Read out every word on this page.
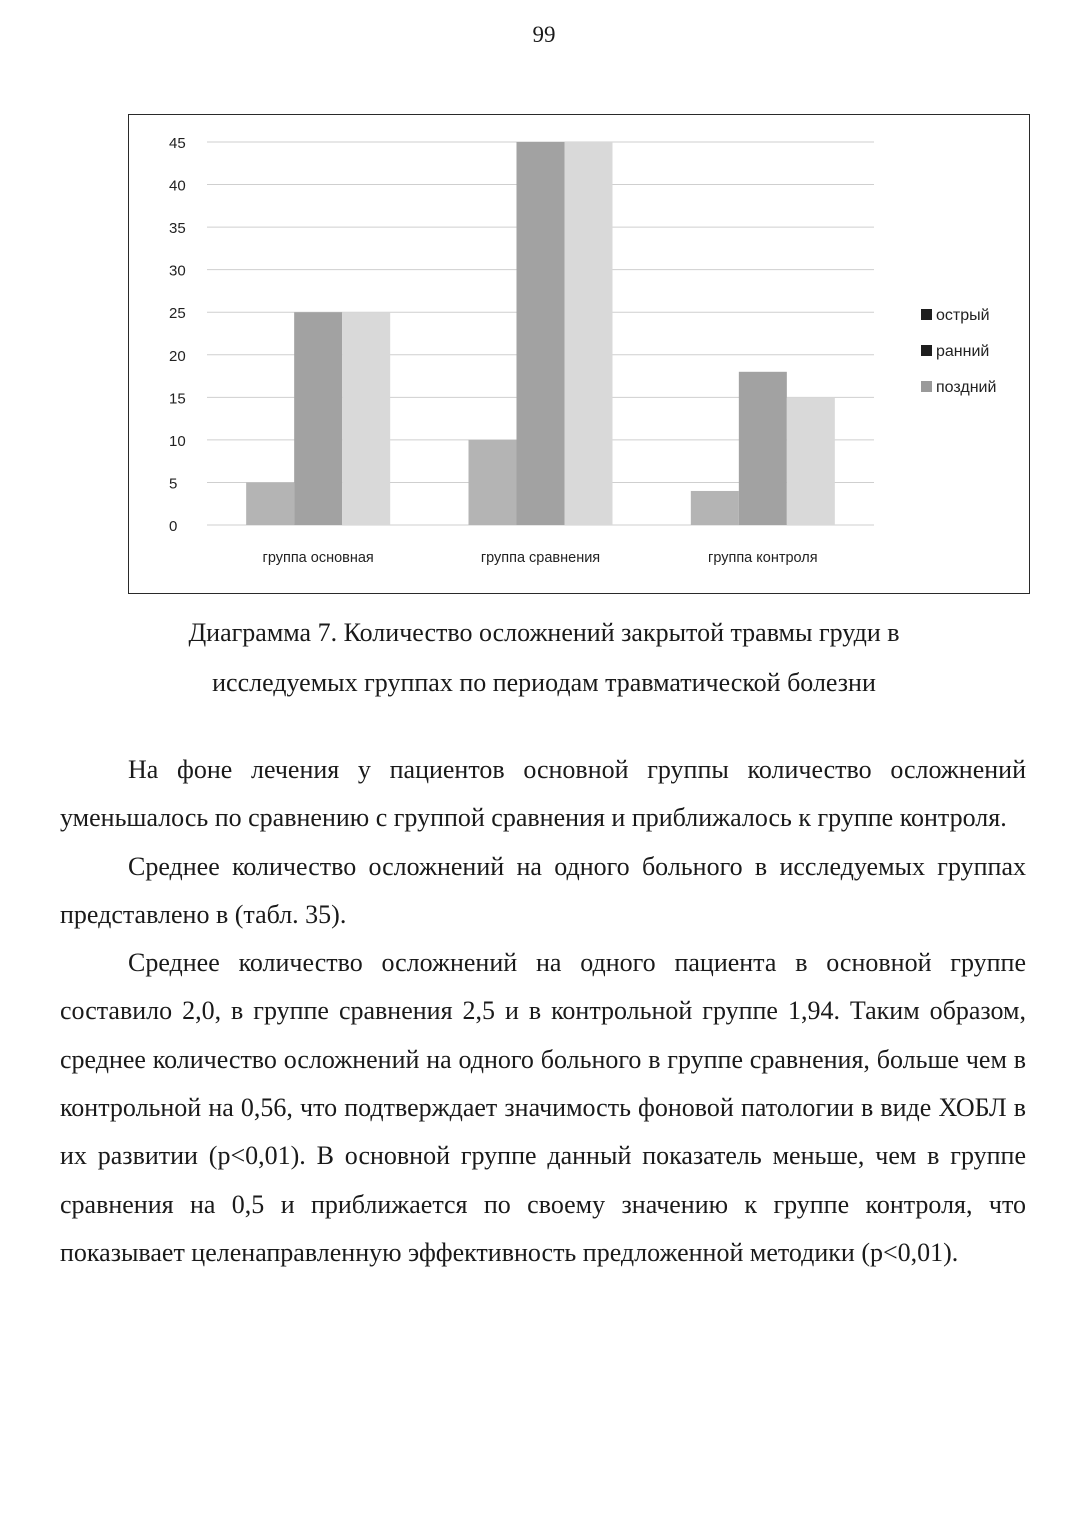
99
0
5
10
15
20
25
30
35
40
45
группа основная	группа сравнения	группа контроля
острый
ранний
поздний
Диаграмма 7. Количество осложнений закрытой травмы груди в
исследуемых группах по периодам травматической болезни

На фоне лечения у пациентов основной группы количество осложнений уменьшалось по сравнению с группой сравнения и приближалось к группе контроля.

Среднее количество осложнений на одного больного в исследуемых группах представлено в (табл. 35).

Среднее количество осложнений на одного пациента в основной группе составило 2,0, в группе сравнения 2,5 и в контрольной группе 1,94. Таким образом, среднее количество осложнений на одного больного в группе сравнения, больше чем в контрольной на 0,56, что подтверждает значимость фоновой патологии в виде ХОБЛ в их развитии (р<0,01). В основной группе данный показатель меньше, чем в группе сравнения на 0,5 и приближается по своему значению к группе контроля, что показывает целенаправленную эффективность предложенной методики (р<0,01).
